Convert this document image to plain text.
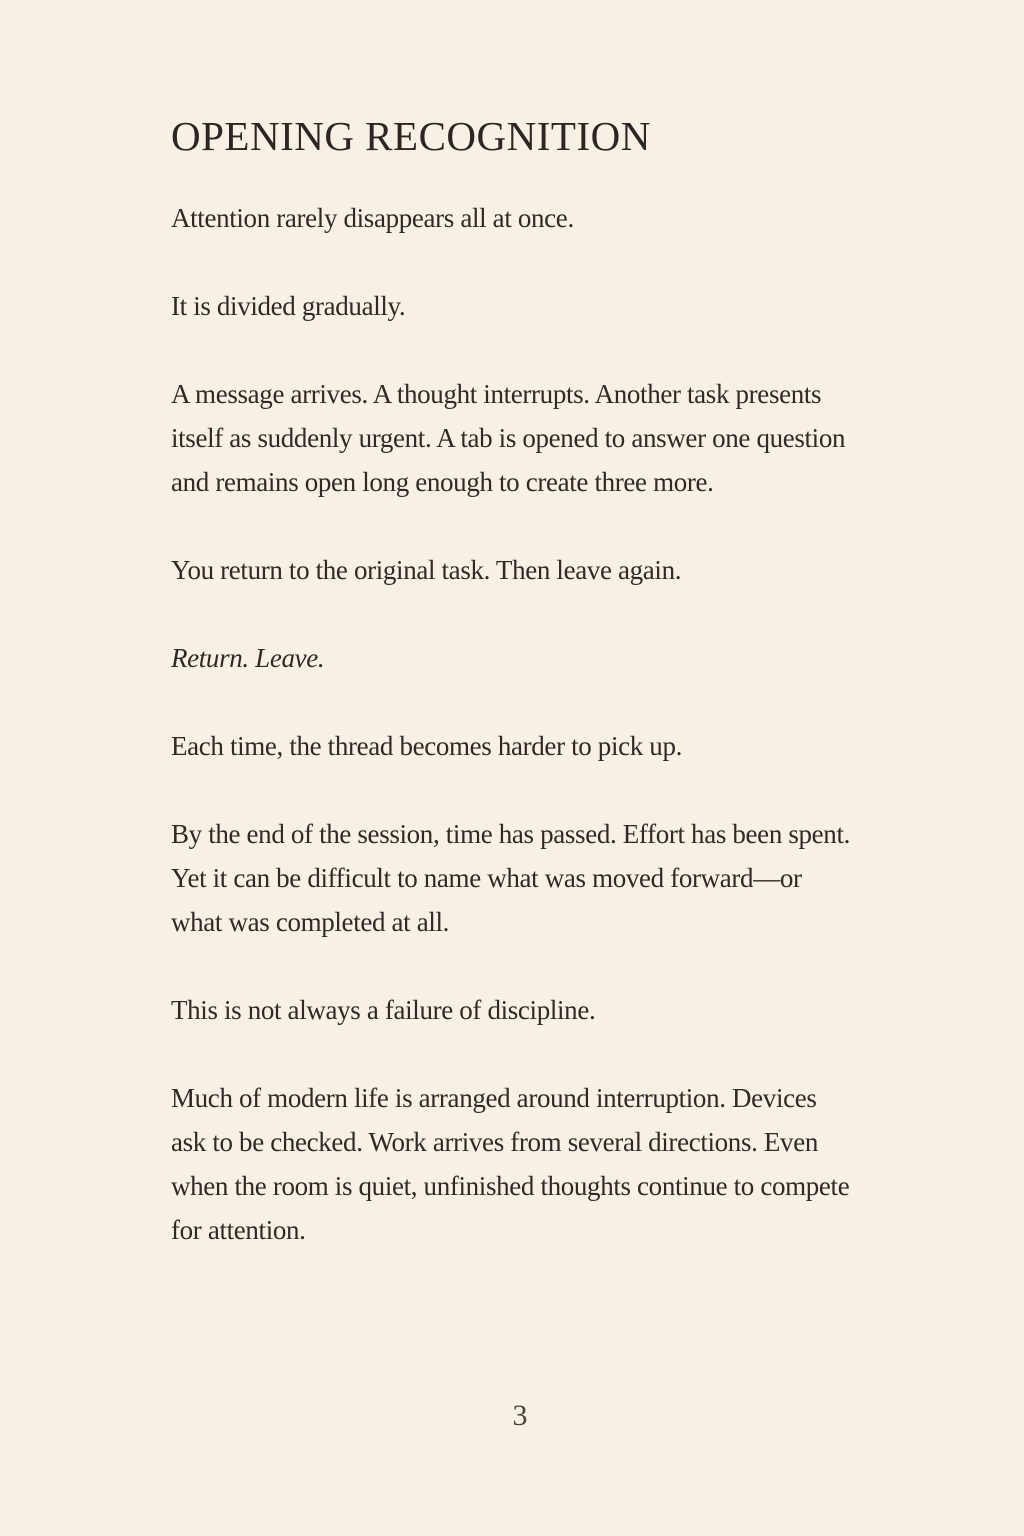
OPENING RECOGNITION

Attention rarely disappears all at once.

It is divided gradually.

A message arrives. A thought interrupts. Another task presents itself as suddenly urgent. A tab is opened to answer one question and remains open long enough to create three more.

You return to the original task. Then leave again.

Return. Leave.

Each time, the thread becomes harder to pick up.

By the end of the session, time has passed. Effort has been spent. Yet it can be difficult to name what was moved forward—or what was completed at all.

This is not always a failure of discipline.

Much of modern life is arranged around interruption. Devices ask to be checked. Work arrives from several directions. Even when the room is quiet, unfinished thoughts continue to compete for attention.

3
